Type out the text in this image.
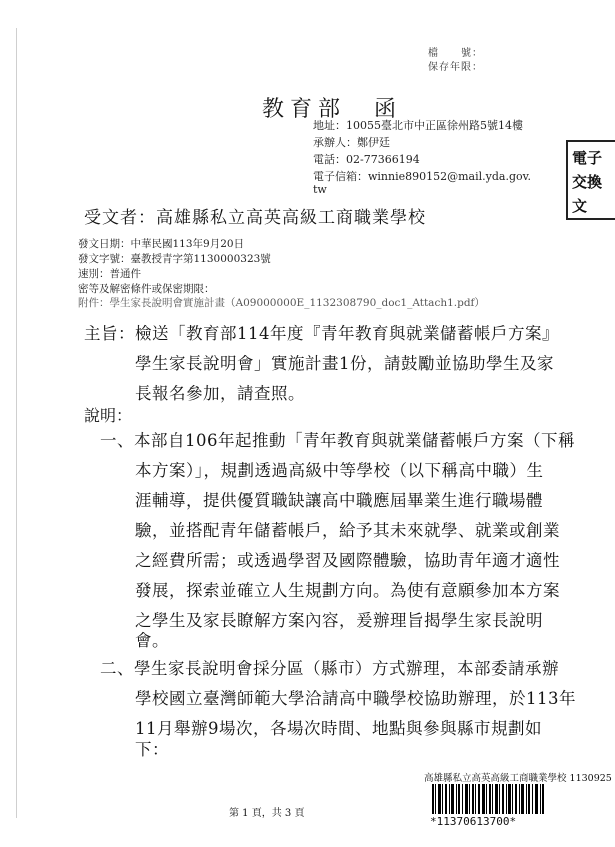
檔　　號：
保存年限：
教育部　函
地址：10055臺北市中正區徐州路5號14樓
承辦人：鄭伊廷
電話：02-77366194
電子信箱：winnie890152@mail.yda.gov.
tw
電子
交換
文
受文者：高雄縣私立高英高級工商職業學校
發文日期：中華民國113年9月20日
發文字號：臺教授青字第1130000323號
速別：普通件
密等及解密條件或保密期限：
附件：學生家長說明會實施計畫（A09000000E_1132308790_doc1_Attach1.pdf）
主旨：檢送「教育部114年度『青年教育與就業儲蓄帳戶方案』
學生家長說明會」實施計畫1份，請鼓勵並協助學生及家
長報名參加，請查照。
說明：
一、本部自106年起推動「青年教育與就業儲蓄帳戶方案（下稱
本方案）」，規劃透過高級中等學校（以下稱高中職）生
涯輔導，提供優質職缺讓高中職應屆畢業生進行職場體
驗，並搭配青年儲蓄帳戶，給予其未來就學、就業或創業
之經費所需；或透過學習及國際體驗，協助青年適才適性
發展，探索並確立人生規劃方向。為使有意願參加本方案
之學生及家長瞭解方案內容，爰辦理旨揭學生家長說明
會。
二、學生家長說明會採分區（縣市）方式辦理，本部委請承辦
學校國立臺灣師範大學洽請高中職學校協助辦理，於113年
11月舉辦9場次，各場次時間、地點與參與縣市規劃如
下：
高雄縣私立高英高級工商職業學校 1130925
第 1 頁，共 3 頁
*11370613700*
